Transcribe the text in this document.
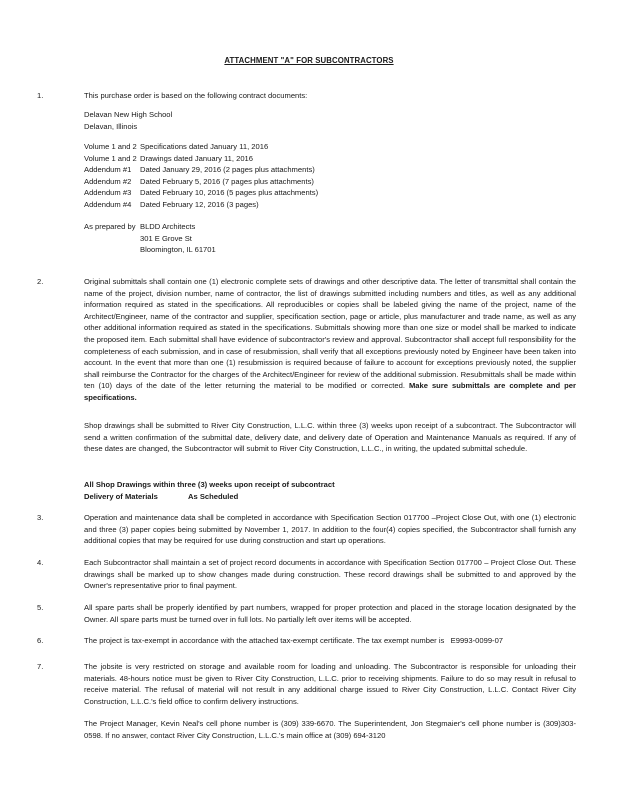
ATTACHMENT "A" FOR SUBCONTRACTORS
1.	This purchase order is based on the following contract documents:
Delavan New High School
Delavan, Illinois
Volume 1 and 2 Specifications dated January 11, 2016
Volume 1 and 2 Drawings dated January 11, 2016
Addendum #1 Dated January 29, 2016 (2 pages plus attachments)
Addendum #2 Dated February 5, 2016 (7 pages plus attachments)
Addendum #3 Dated February 10, 2016 (5 pages plus attachments)
Addendum #4 Dated February 12, 2016 (3 pages)
As prepared by BLDD Architects
301 E Grove St
Bloomington, IL 61701
2.	Original submittals shall contain one (1) electronic complete sets of drawings and other descriptive data. The letter of transmittal shall contain the name of the project, division number, name of contractor, the list of drawings submitted including numbers and titles, as well as any additional information required as stated in the specifications. All reproducibles or copies shall be labeled giving the name of the project, name of the Architect/Engineer, name of the contractor and supplier, specification section, page or article, plus manufacturer and trade name, as well as any other additional information required as stated in the specifications. Submittals showing more than one size or model shall be marked to indicate the proposed item. Each submittal shall have evidence of subcontractor's review and approval. Subcontractor shall accept full responsibility for the completeness of each submission, and in case of resubmission, shall verify that all exceptions previously noted by Engineer have been taken into account. In the event that more than one (1) resubmission is required because of failure to account for exceptions previously noted, the supplier shall reimburse the Contractor for the charges of the Architect/Engineer for review of the additional submission. Resubmittals shall be made within ten (10) days of the date of the letter returning the material to be modified or corrected. Make sure submittals are complete and per specifications.

Shop drawings shall be submitted to River City Construction, L.L.C. within three (3) weeks upon receipt of a subcontract. The Subcontractor will send a written confirmation of the submittal date, delivery date, and delivery date of Operation and Maintenance Manuals as required. If any of these dates are changed, the Subcontractor will submit to River City Construction, L.L.C., in writing, the updated submittal schedule.

All Shop Drawings within three (3) weeks upon receipt of subcontract
Delivery of Materials	As Scheduled
3.	Operation and maintenance data shall be completed in accordance with Specification Section 017700 –Project Close Out, with one (1) electronic and three (3) paper copies being submitted by November 1, 2017. In addition to the four(4) copies specified, the Subcontractor shall furnish any additional copies that may be required for use during construction and start up operations.

4.	Each Subcontractor shall maintain a set of project record documents in accordance with Specification Section 017700 – Project Close Out. These drawings shall be marked up to show changes made during construction. These record drawings shall be submitted to and approved by the Owner's representative prior to final payment.

5.	All spare parts shall be properly identified by part numbers, wrapped for proper protection and placed in the storage location designated by the Owner. All spare parts must be turned over in full lots. No partially left over items will be accepted.

6.	The project is tax-exempt in accordance with the attached tax-exempt certificate. The tax exempt number is E9993-0099-07
7.	The jobsite is very restricted on storage and available room for loading and unloading. The Subcontractor is responsible for unloading their materials. 48-hours notice must be given to River City Construction, L.L.C. prior to receiving shipments. Failure to do so may result in refusal to receive material. The refusal of material will not result in any additional charge issued to River City Construction, L.L.C. Contact River City Construction, L.L.C.'s field office to confirm delivery instructions.

The Project Manager, Kevin Neal's cell phone number is (309) 339-6670. The Superintendent, Jon Stegmaier's cell phone number is (309)303-0598. If no answer, contact River City Construction, L.L.C.'s main office at (309) 694-3120
